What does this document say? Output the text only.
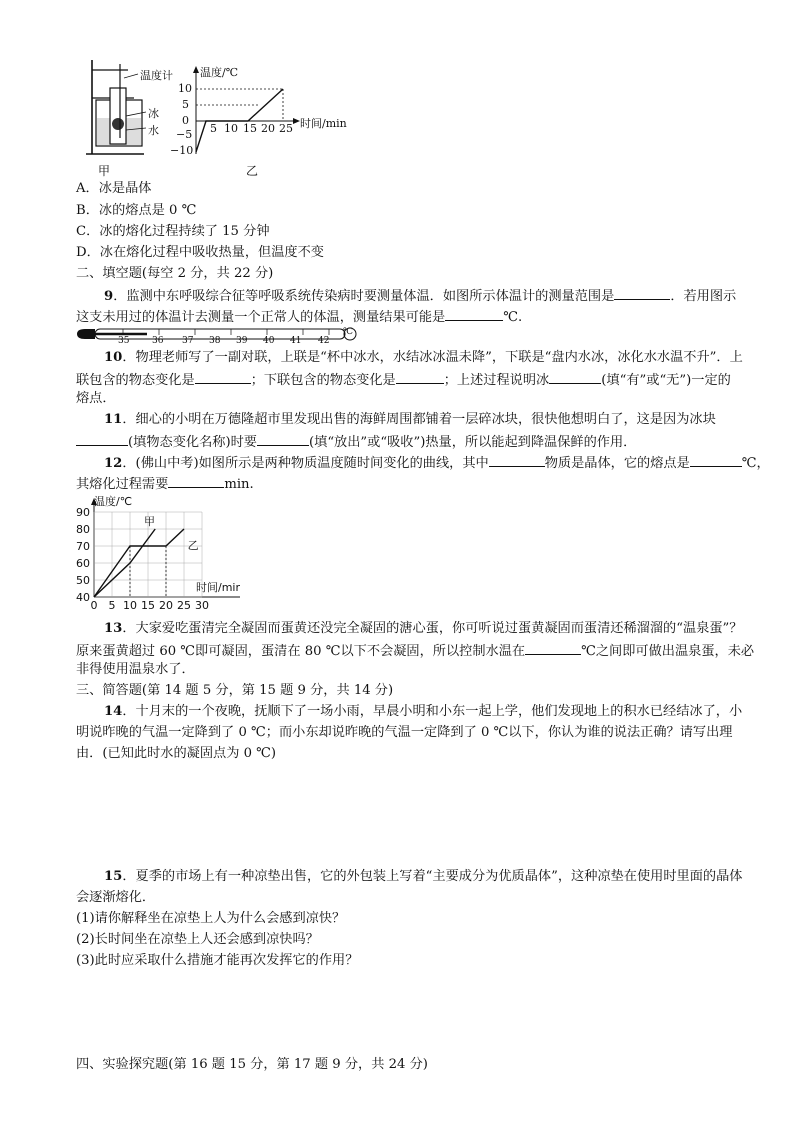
温度计
冰
水
甲
温度/℃
时间/min
10
5
0
−5
−10
5 10 15 20 25
乙
A．冰是晶体
B．冰的熔点是 0 ℃
C．冰的熔化过程持续了 15 分钟
D．冰在熔化过程中吸收热量，但温度不变
二、填空题(每空 2 分，共 22 分)
9．监测中东呼吸综合征等呼吸系统传染病时要测量体温．如图所示体温计的测量范围是	．若用图示
这支未用过的体温计去测量一个正常人的体温，测量结果可能是	℃.
35	36 37 38 39 40 41 42
℃
10．物理老师写了一副对联，上联是“杯中冰水，水结冰冰温未降”，下联是“盘内水冰，冰化水水温不升”．上
联包含的物态变化是	；下联包含的物态变化是	；上述过程说明冰	(填“有”或“无”)一定的
熔点．
11．细心的小明在万德隆超市里发现出售的海鲜周围都铺着一层碎冰块，很快他想明白了，这是因为冰块
(填物态变化名称)时要	(填“放出”或“吸收”)热量，所以能起到降温保鲜的作用．
12．(佛山中考)如图所示是两种物质温度随时间变化的曲线，其中	物质是晶体，它的熔点是	℃，
其熔化过程需要	min.
40
50
60
70
80
90
0 5 10 15 20 25 30
温度/℃
时间/min
甲
乙
13．大家爱吃蛋清完全凝固而蛋黄还没完全凝固的溏心蛋，你可听说过蛋黄凝固而蛋清还稀溜溜的“温泉蛋”？
原来蛋黄超过 60 ℃即可凝固，蛋清在 80 ℃以下不会凝固，所以控制水温在	℃之间即可做出温泉蛋，未必
非得使用温泉水了．
三、简答题(第 14 题 5 分，第 15 题 9 分，共 14 分)
14．十月末的一个夜晚，抚顺下了一场小雨，早晨小明和小东一起上学，他们发现地上的积水已经结冰了，小
明说昨晚的气温一定降到了 0 ℃；而小东却说昨晚的气温一定降到了 0 ℃以下，你认为谁的说法正确？请写出理
由．(已知此时水的凝固点为 0 ℃)
15．夏季的市场上有一种凉垫出售，它的外包装上写着“主要成分为优质晶体”，这种凉垫在使用时里面的晶体
会逐渐熔化．
(1)请你解释坐在凉垫上人为什么会感到凉快？
(2)长时间坐在凉垫上人还会感到凉快吗？
(3)此时应采取什么措施才能再次发挥它的作用？
四、实验探究题(第 16 题 15 分，第 17 题 9 分，共 24 分)
